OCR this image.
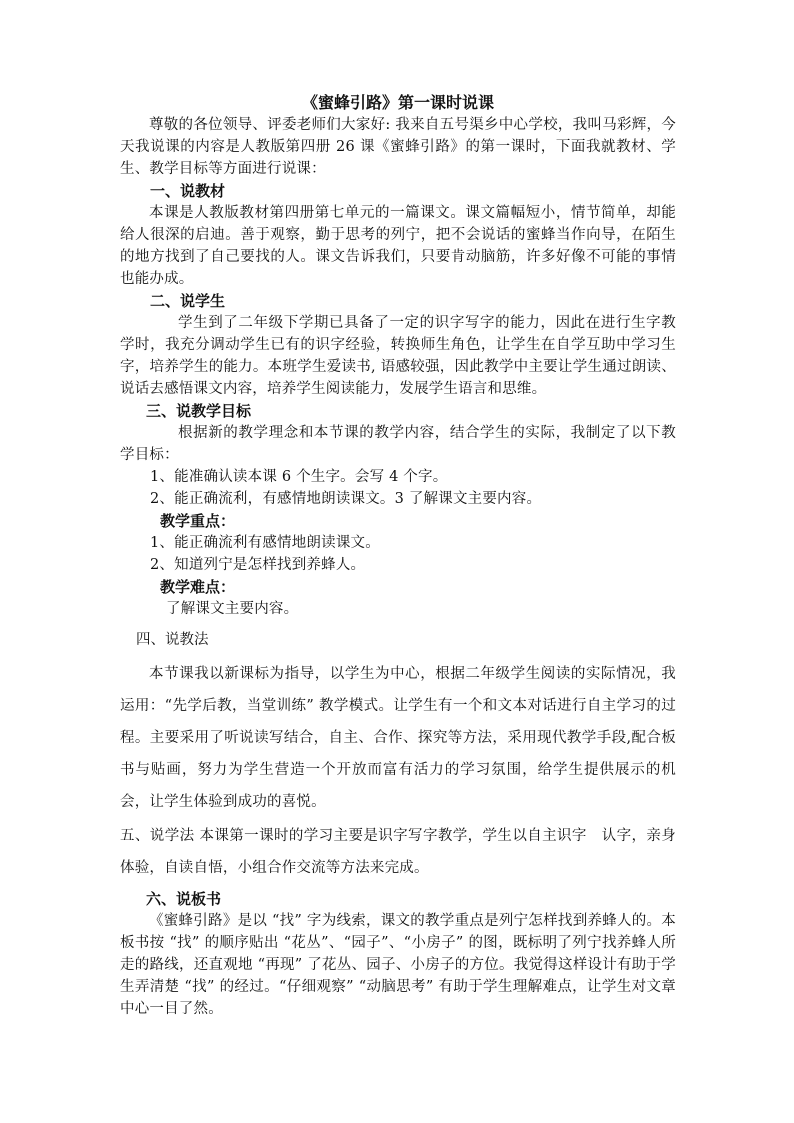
《蜜蜂引路》第一课时说课

尊敬的各位领导、评委老师们大家好: 我来自五号渠乡中心学校，我叫马彩辉，今天我说课的内容是人教版第四册 26 课《蜜蜂引路》的第一课时，下面我就教材、学生、教学目标等方面进行说课：

一、说教材

本课是人教版教材第四册第七单元的一篇课文。课文篇幅短小，情节简单，却能给人很深的启迪。善于观察，勤于思考的列宁，把不会说话的蜜蜂当作向导，在陌生的地方找到了自己要找的人。课文告诉我们，只要肯动脑筋，许多好像不可能的事情也能办成。

二、说学生

学生到了二年级下学期已具备了一定的识字写字的能力，因此在进行生字教学时，我充分调动学生已有的识字经验，转换师生角色，让学生在自学互助中学习生字，培养学生的能力。本班学生爱读书, 语感较强，因此教学中主要让学生通过朗读、说话去感悟课文内容，培养学生阅读能力，发展学生语言和思维。

三、说教学目标

根据新的教学理念和本节课的教学内容，结合学生的实际，我制定了以下教学目标：

1、能准确认读本课 6 个生字。会写 4 个字。

2、能正确流利，有感情地朗读课文。3 了解课文主要内容。

教学重点：

1、能正确流利有感情地朗读课文。

2、知道列宁是怎样找到养蜂人。

教学难点：

了解课文主要内容。

四、说教法

本节课我以新课标为指导，以学生为中心，根据二年级学生阅读的实际情况，我运用：“先学后教，当堂训练” 教学模式。让学生有一个和文本对话进行自主学习的过程。主要采用了听说读写结合，自主、合作、探究等方法，采用现代教学手段,配合板书与贴画，努力为学生营造一个开放而富有活力的学习氛围，给学生提供展示的机会，让学生体验到成功的喜悦。

五、说学法 本课第一课时的学习主要是识字写字教学，学生以自主识字　认字，亲身体验，自读自悟，小组合作交流等方法来完成。

六、说板书

《蜜蜂引路》是以 “找” 字为线索，课文的教学重点是列宁怎样找到养蜂人的。本板书按 “找” 的顺序贴出 “花丛”、“园子”、“小房子” 的图，既标明了列宁找养蜂人所走的路线，还直观地 “再现” 了花丛、园子、小房子的方位。我觉得这样设计有助于学生弄清楚 “找” 的经过。“仔细观察” “动脑思考” 有助于学生理解难点，让学生对文章中心一目了然。
